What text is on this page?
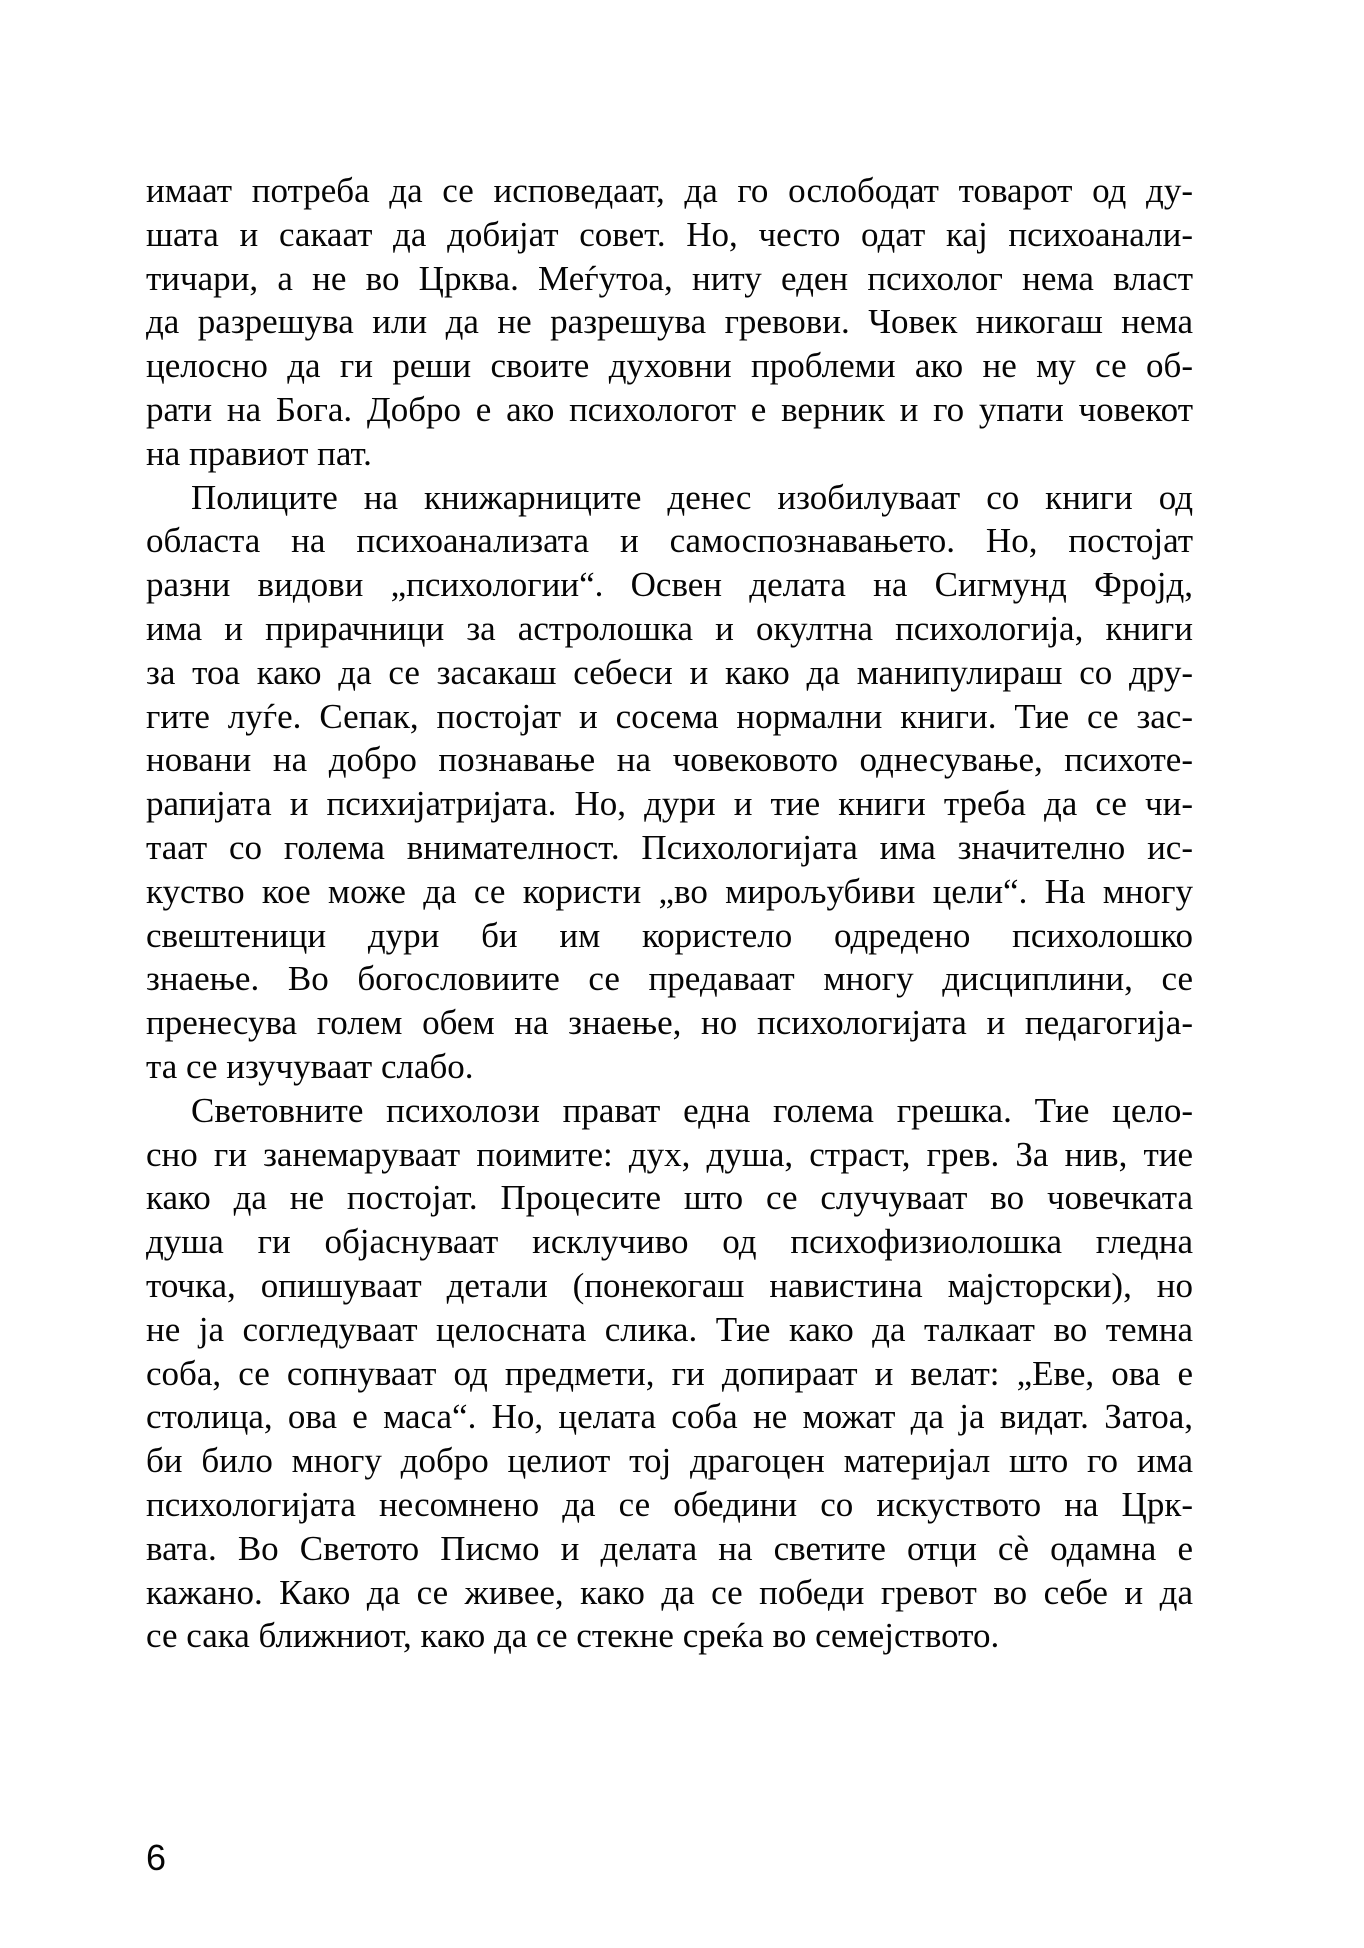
имаат потреба да се исповедаат, да го ослободат товарот од ду-
шата и сакаат да добијат совет. Но, често одат кај психоанали-
тичари, а не во Црква. Меѓутоа, ниту еден психолог нема власт
да разрешува или да не разрешува гревови. Човек никогаш нема
целосно да ги реши своите духовни проблеми ако не му се об-
рати на Бога. Добро е ако психологот е верник и го упати човекот
на правиот пат.
Полиците на книжарниците денес изобилуваат со книги од
областа на психоанализата и самоспознавањето. Но, постојат
разни видови „психологии“. Освен делата на Сигмунд Фројд,
има и прирачници за астролошка и окултна психологија, книги
за тоа како да се засакаш себеси и како да манипулираш со дру-
гите луѓе. Сепак, постојат и сосема нормални книги. Тие се зас-
новани на добро познавање на човековото однесување, психоте-
рапијата и психијатријата. Но, дури и тие книги треба да се чи-
таат со голема внимателност. Психологијата има значително ис-
куство кое може да се користи „во мирољубиви цели“. На многу
свештеници дури би им користело одредено психолошко
знаење. Во богословиите се предаваат многу дисциплини, се
пренесува голем обем на знаење, но психологијата и педагогија-
та се изучуваат слабо.
Световните психолози прават една голема грешка. Тие цело-
сно ги занемаруваат поимите: дух, душа, страст, грев. За нив, тие
како да не постојат. Процесите што се случуваат во човечката
душа ги објаснуваат исклучиво од психофизиолошка гледна
точка, опишуваат детали (понекогаш навистина мајсторски), но
не ја согледуваат целосната слика. Тие како да талкаат во темна
соба, се сопнуваат од предмети, ги допираат и велат: „Еве, ова е
столица, ова е маса“. Но, целата соба не можат да ја видат. Затоа,
би било многу добро целиот тој драгоцен материјал што го има
психологијата несомнено да се обедини со искуството на Црк-
вата. Во Светото Писмо и делата на светите отци сѐ одамна е
кажано. Како да се живее, како да се победи гревот во себе и да
се сака ближниот, како да се стекне среќа во семејството.
6
